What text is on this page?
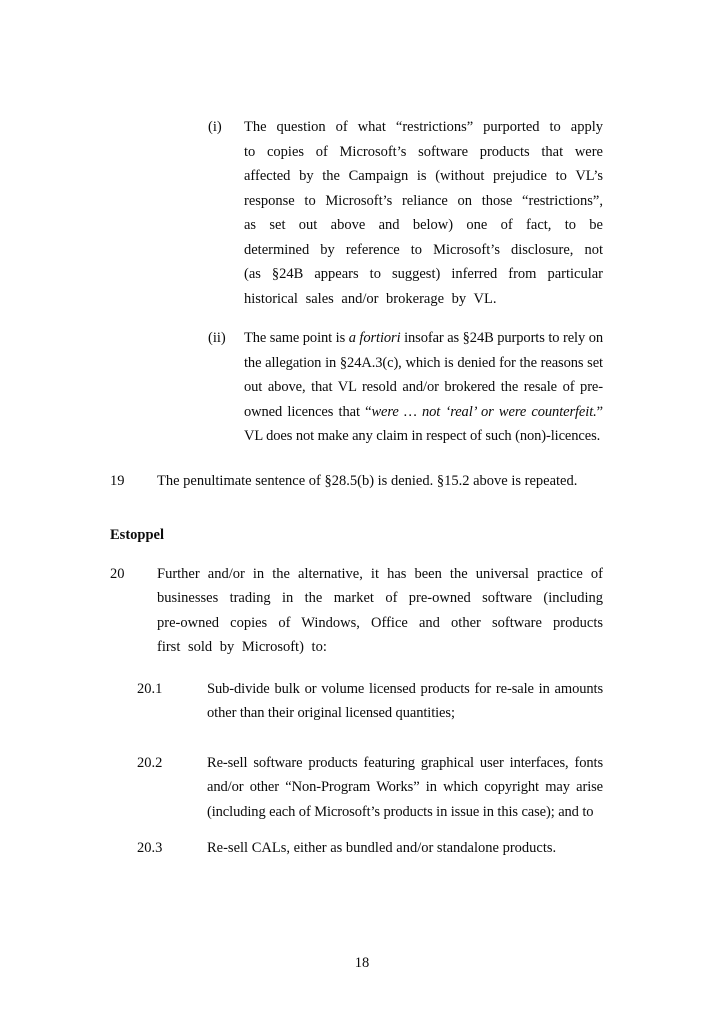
(i)	The question of what “restrictions” purported to apply to copies of Microsoft’s software products that were affected by the Campaign is (without prejudice to VL’s response to Microsoft’s reliance on those “restrictions”, as set out above and below) one of fact, to be determined by reference to Microsoft’s disclosure, not (as §24B appears to suggest) inferred from particular historical sales and/or brokerage by VL.
(ii)	The same point is a fortiori insofar as §24B purports to rely on the allegation in §24A.3(c), which is denied for the reasons set out above, that VL resold and/or brokered the resale of pre-owned licences that “were … not ‘real’ or were counterfeit.” VL does not make any claim in respect of such (non)-licences.
19	The penultimate sentence of §28.5(b) is denied. §15.2 above is repeated.
Estoppel
20	Further and/or in the alternative, it has been the universal practice of businesses trading in the market of pre-owned software (including pre-owned copies of Windows, Office and other software products first sold by Microsoft) to:
20.1	Sub-divide bulk or volume licensed products for re-sale in amounts other than their original licensed quantities;
20.2	Re-sell software products featuring graphical user interfaces, fonts and/or other “Non-Program Works” in which copyright may arise (including each of Microsoft’s products in issue in this case); and to
20.3	Re-sell CALs, either as bundled and/or standalone products.
18
